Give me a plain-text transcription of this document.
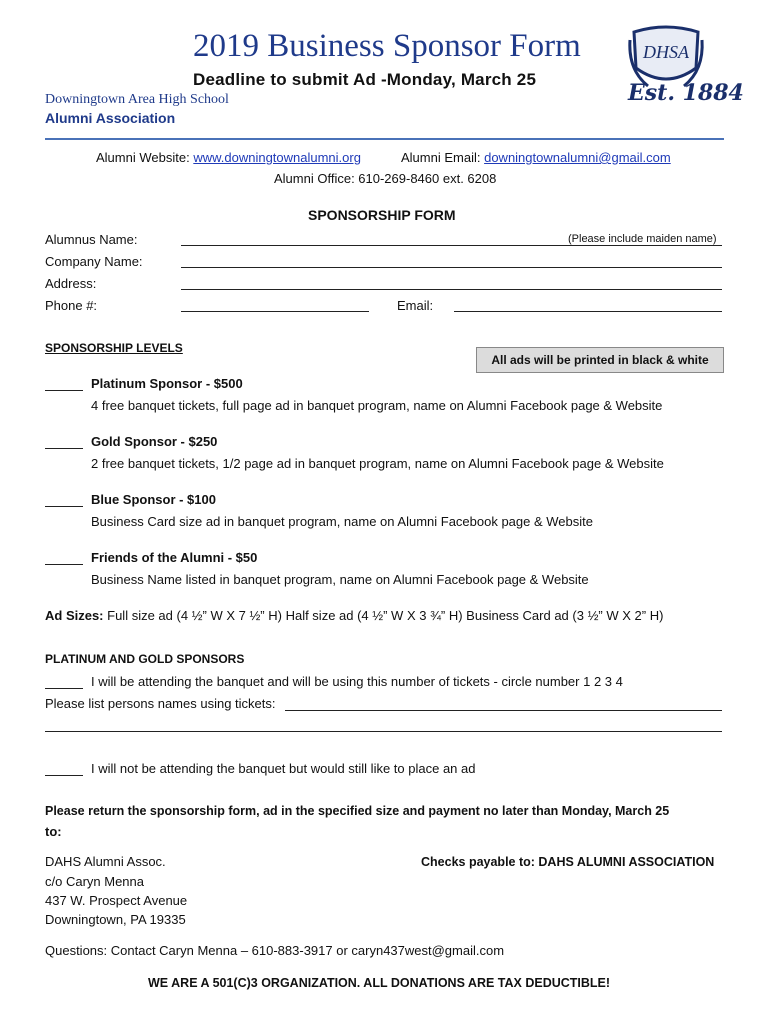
2019 Business Sponsor Form
Deadline to submit Ad -Monday, March 25
Downingtown Area High School
Alumni Association
DHSA
Est. 1884
Alumni Website: www.downingtownalumni.org	Alumni Email: downingtownalumni@gmail.com
Alumni Office: 610-269-8460 ext. 6208
SPONSORSHIP FORM
Alumnus Name:	(Please include maiden name)
Company Name:
Address:
Phone #:	Email:
SPONSORSHIP LEVELS
All ads will be printed in black & white
Platinum Sponsor - $500
4 free banquet tickets, full page ad in banquet program, name on Alumni Facebook page & Website
Gold Sponsor - $250
2 free banquet tickets, 1/2 page ad in banquet program, name on Alumni Facebook page & Website
Blue Sponsor - $100
Business Card size ad in banquet program, name on Alumni Facebook page & Website
Friends of the Alumni - $50
Business Name listed in banquet program, name on Alumni Facebook page & Website
Ad Sizes: Full size ad (4 ½” W X 7 ½” H) Half size ad (4 ½” W X 3 ¾” H) Business Card ad (3 ½” W X 2” H)
PLATINUM AND GOLD SPONSORS
I will be attending the banquet and will be using this number of tickets - circle number 1 2 3 4
Please list persons names using tickets:
I will not be attending the banquet but would still like to place an ad
Please return the sponsorship form, ad in the specified size and payment no later than Monday, March 25
to:
DAHS Alumni Assoc.
c/o Caryn Menna
437 W. Prospect Avenue
Downingtown, PA 19335
Checks payable to: DAHS ALUMNI ASSOCIATION
Questions: Contact Caryn Menna – 610-883-3917 or caryn437west@gmail.com
WE ARE A 501(C)3 ORGANIZATION. ALL DONATIONS ARE TAX DEDUCTIBLE!
